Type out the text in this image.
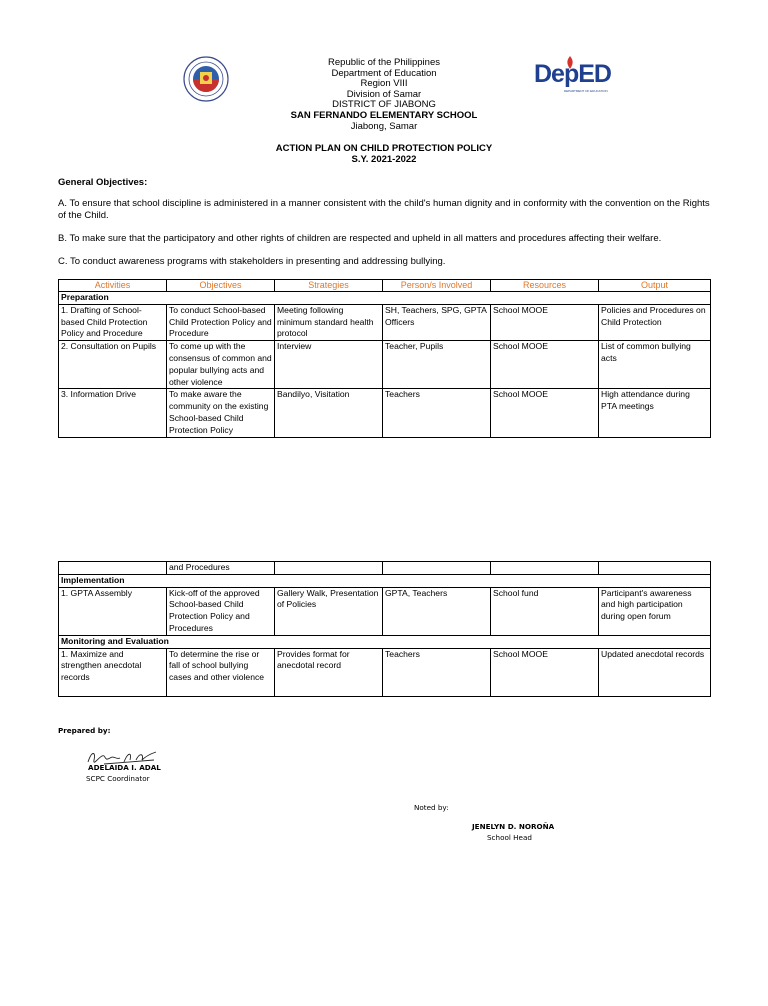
Republic of the Philippines
Department of Education
Region VIII
Division of Samar
DISTRICT OF JIABONG
SAN FERNANDO ELEMENTARY SCHOOL
Jiabong, Samar
DepED
DEPARTMENT OF EDUCATION
ACTION PLAN ON CHILD PROTECTION POLICY
S.Y. 2021-2022
General Objectives:
A. To ensure that school discipline is administered in a manner consistent with the child's human dignity and in conformity with the convention on the Rights of the Child.
B. To make sure that the participatory and other rights of children are respected and upheld in all matters and procedures affecting their welfare.
C. To conduct awareness programs with stakeholders in presenting and addressing bullying.
Activities	Objectives	Strategies	Person/s Involved	Resources	Output
Preparation					
1. Drafting of School-based Child Protection Policy and Procedure	To conduct School-based Child Protection Policy and Procedure	Meeting following minimum standard health protocol	SH, Teachers, SPG, GPTA Officers	School MOOE	Policies and Procedures on Child Protection
2. Consultation on Pupils	To come up with the consensus of common and popular bullying acts and other violence	Interview	Teacher, Pupils	School MOOE	List of common bullying acts
3. Information Drive	To make aware the community on the existing School-based Child Protection Policy	Bandilyo, Visitation	Teachers	School MOOE	High attendance during PTA meetings
	and Procedures				
Implementation					
1. GPTA Assembly	Kick-off of the approved School-based Child Protection Policy and Procedures	Gallery Walk, Presentation of Policies	GPTA, Teachers	School fund	Participant's awareness and high participation during open forum
Monitoring and Evaluation					
1. Maximize and strengthen anecdotal records	To determine the rise or fall of school bullying cases and other violence	Provides format for anecdotal record	Teachers	School MOOE	Updated anecdotal records
Prepared by:
ADELAIDA I. ADAL
SCPC Coordinator
Noted by:
JENELYN D. NOROÑA
School Head
